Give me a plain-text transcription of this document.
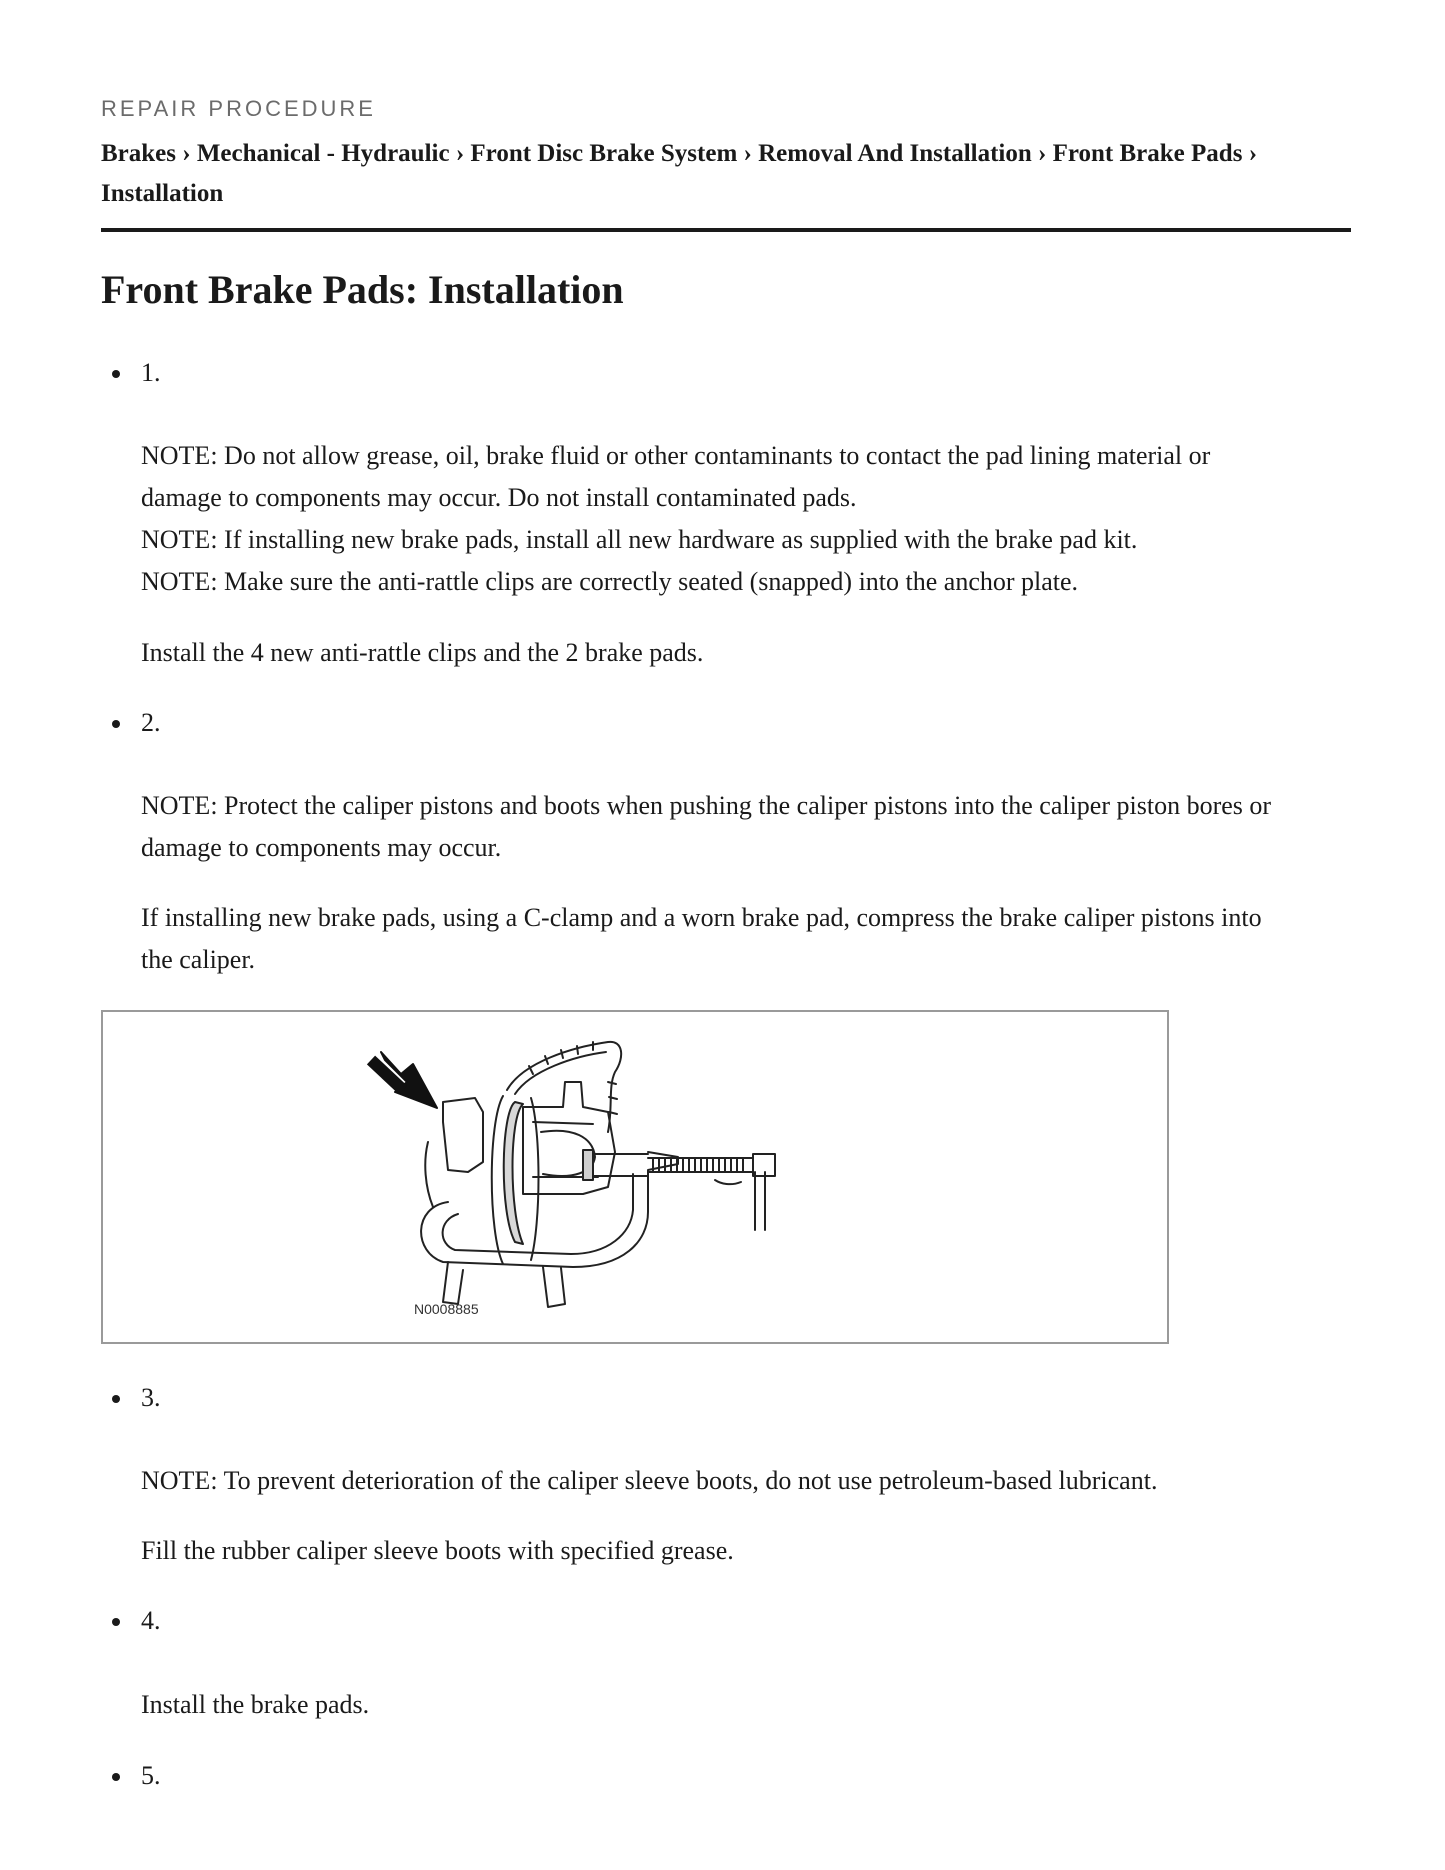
REPAIR PROCEDURE
Brakes › Mechanical - Hydraulic › Front Disc Brake System › Removal And Installation › Front Brake Pads ›
Installation
Front Brake Pads: Installation
1.
NOTE: Do not allow grease, oil, brake fluid or other contaminants to contact the pad lining material or
damage to components may occur. Do not install contaminated pads.
NOTE: If installing new brake pads, install all new hardware as supplied with the brake pad kit.
NOTE: Make sure the anti-rattle clips are correctly seated (snapped) into the anchor plate.
Install the 4 new anti-rattle clips and the 2 brake pads.
2.
NOTE: Protect the caliper pistons and boots when pushing the caliper pistons into the caliper piston bores or
damage to components may occur.
If installing new brake pads, using a C-clamp and a worn brake pad, compress the brake caliper pistons into
the caliper.
N0008885
3.
NOTE: To prevent deterioration of the caliper sleeve boots, do not use petroleum-based lubricant.
Fill the rubber caliper sleeve boots with specified grease.
4.
Install the brake pads.
5.
